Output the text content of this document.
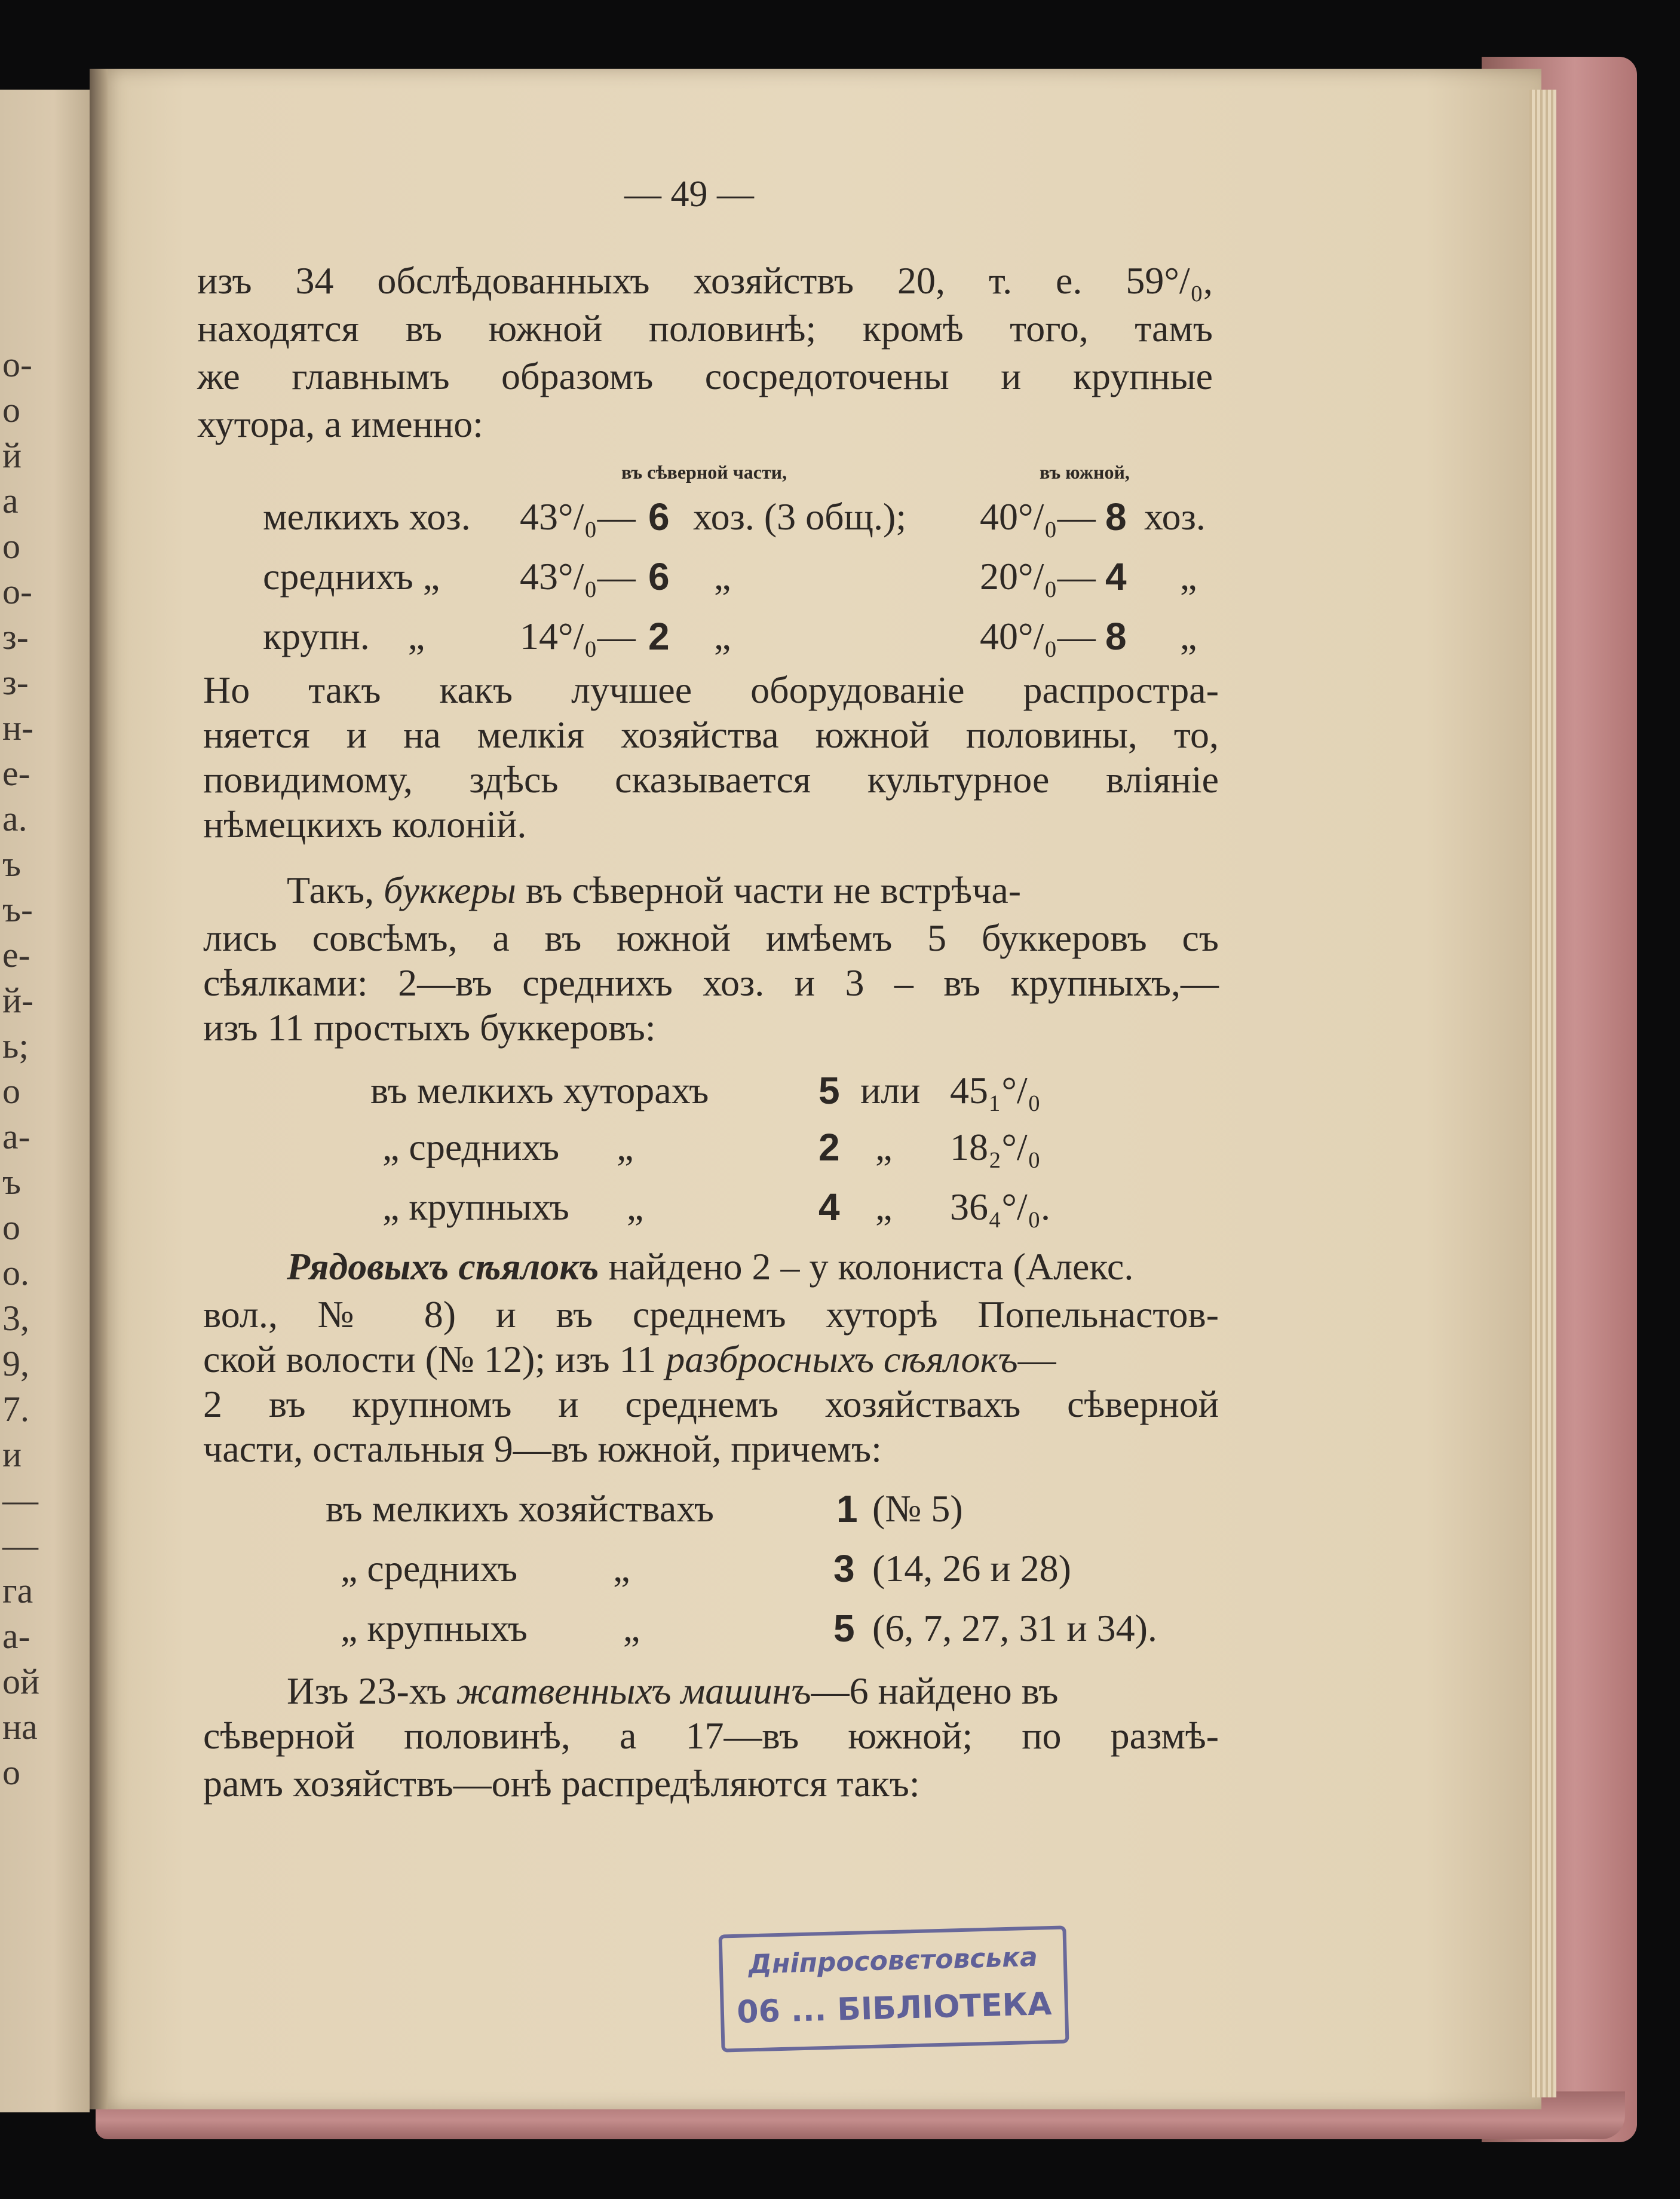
о-
о
й
а
о
о-
з-
з-
н-
е-
а.
ъ
ъ-
е-
й-
ь;
о
а-
ъ
о
о.
3,
9,
7.
и
—
—
га
а-
ой
на
о
— 49 —
изъ 34 обслѣдованныхъ хозяйствъ 20, т. е. 59°/₀,
находятся въ южной половинѣ; кромѣ того, тамъ
же главнымъ образомъ сосредоточены и крупные
хутора, а именно:
въ сѣверной части,	въ южной,
мелкихъ хоз. 43°/₀— 6 хоз. (3 общ.); 40°/₀— 8 хоз.
среднихъ „ 43°/₀— 6 „	20°/₀— 4 „
крупн.    „ 14°/₀— 2 „	40°/₀— 8 „
Но такъ какъ лучшее оборудованіе распростра-
няется и на мелкія хозяйства южной половины, то,
повидимому, здѣсь сказывается культурное вліяніе
нѣмецкихъ колоній.
Такъ, буккеры въ сѣверной части не встрѣча-
лись совсѣмъ, а въ южной имѣемъ 5 буккеровъ съ
сѣялками: 2—въ среднихъ хоз. и 3 – въ крупныхъ,—
изъ 11 простыхъ буккеровъ:
въ мелкихъ хуторахъ	5 или 45₁°/₀
„ среднихъ      „	2 „ 18₂°/₀
„ крупныхъ      „	4 „ 36₄°/₀.
Рядовыхъ сѣялокъ найдено 2 – у колониста (Алекс.
вол., № 8) и въ среднемъ хуторѣ Попельнастов-
ской волости (№ 12); изъ 11 разбросныхъ сѣялокъ—
2 въ крупномъ и среднемъ хозяйствахъ сѣверной
части, остальныя 9—въ южной, причемъ:
въ мелкихъ хозяйствахъ	1 (№ 5)
„ среднихъ          „	3 (14, 26 и 28)
„ крупныхъ          „	5 (6, 7, 27, 31 и 34).
Изъ 23-хъ жатвенныхъ машинъ—6 найдено въ
сѣверной половинѣ, а 17—въ южной; по размѣ-
рамъ хозяйствъ—онѣ распредѣляются такъ:
Дніпросовєтовська
06 ... БІБЛІОТЕКА
